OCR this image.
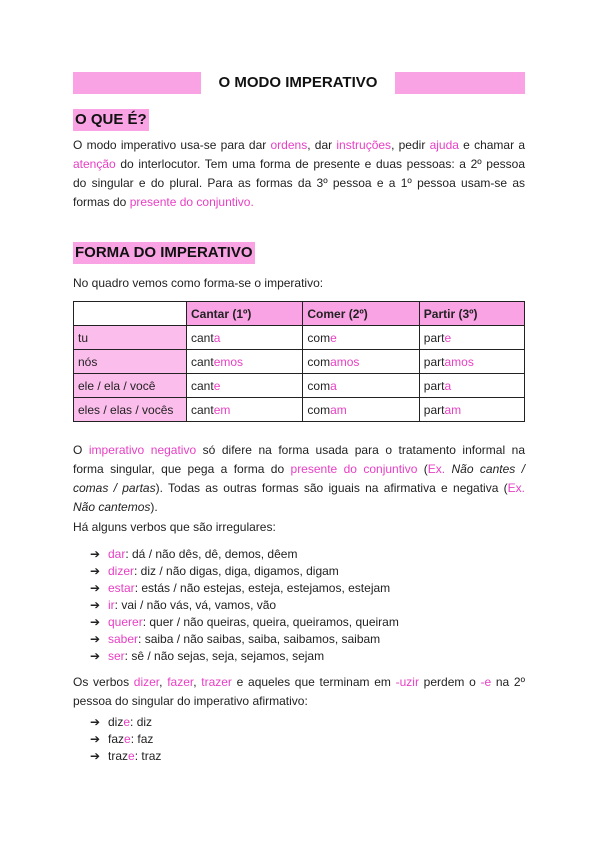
O MODO IMPERATIVO
O QUE É?
O modo imperativo usa-se para dar ordens, dar instruções, pedir ajuda e chamar a
atenção do interlocutor. Tem uma forma de presente e duas pessoas: a 2º pessoa
do singular e do plural. Para as formas da 3º pessoa e a 1º pessoa usam-se as
formas do presente do conjuntivo.
FORMA DO IMPERATIVO
No quadro vemos como forma-se o imperativo:
	Cantar (1º)	Comer (2º)	Partir (3º)
tu	canta	come	parte
nós	cantemos	comamos	partamos
ele / ela / você	cante	coma	parta
eles / elas / vocês	cantem	comam	partam
O imperativo negativo só difere na forma usada para o tratamento informal na
forma singular, que pega a forma do presente do conjuntivo (Ex. Não cantes /
comas / partas). Todas as outras formas são iguais na afirmativa e negativa (Ex.
Não cantemos).
Há alguns verbos que são irregulares:
➔ dar: dá / não dês, dê, demos, dêem
➔ dizer: diz / não digas, diga, digamos, digam
➔ estar: estás / não estejas, esteja, estejamos, estejam
➔ ir: vai / não vás, vá, vamos, vão
➔ querer: quer / não queiras, queira, queiramos, queiram
➔ saber: saiba / não saibas, saiba, saibamos, saibam
➔ ser: sê / não sejas, seja, sejamos, sejam
Os verbos dizer, fazer, trazer e aqueles que terminam em -uzir perdem o -e na 2º
pessoa do singular do imperativo afirmativo:
➔ dize: diz
➔ faze: faz
➔ traze: traz
